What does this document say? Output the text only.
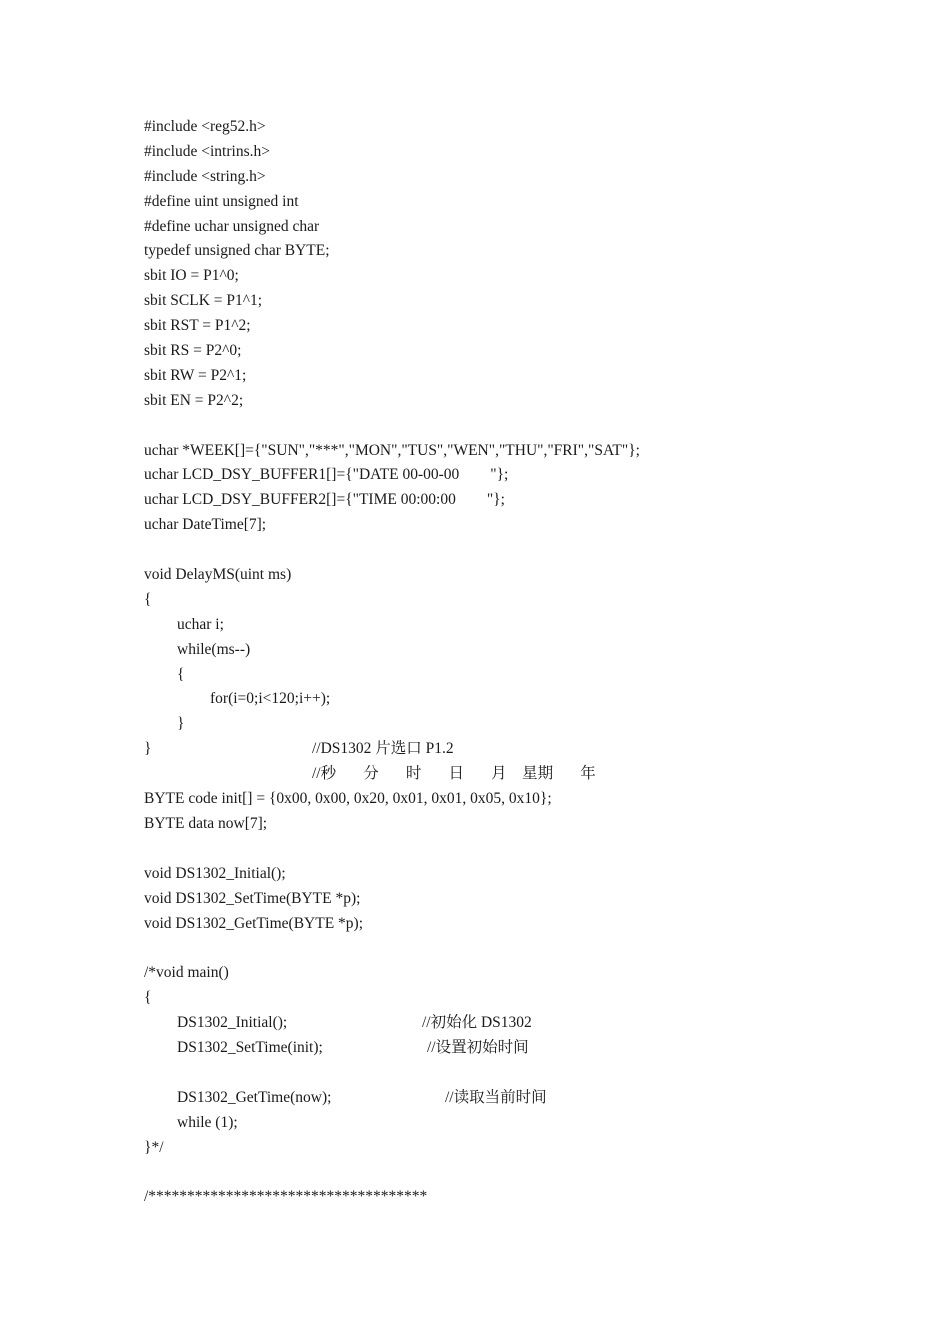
#include <reg52.h>
#include <intrins.h>
#include <string.h>
#define uint unsigned int
#define uchar unsigned char
typedef unsigned char BYTE;
sbit IO = P1^0;
sbit SCLK = P1^1;
sbit RST = P1^2;
sbit RS = P2^0;
sbit RW = P2^1;
sbit EN = P2^2;
uchar *WEEK[]={"SUN","***","MON","TUS","WEN","THU","FRI","SAT"};
uchar LCD_DSY_BUFFER1[]={"DATE 00-00-00        "};
uchar LCD_DSY_BUFFER2[]={"TIME 00:00:00        "};
uchar DateTime[7];
void DelayMS(uint ms)
{
uchar i;
while(ms--)
{
for(i=0;i<120;i++);
}
}	//DS1302 片选口 P1.2
//秒       分       时       日       月    星期       年
BYTE code init[] = {0x00, 0x00, 0x20, 0x01, 0x01, 0x05, 0x10};
BYTE data now[7];
void DS1302_Initial();
void DS1302_SetTime(BYTE *p);
void DS1302_GetTime(BYTE *p);
/*void main()
{
DS1302_Initial();	//初始化 DS1302
DS1302_SetTime(init);	//设置初始时间
DS1302_GetTime(now);	//读取当前时间
while (1);
}*/
/************************************
